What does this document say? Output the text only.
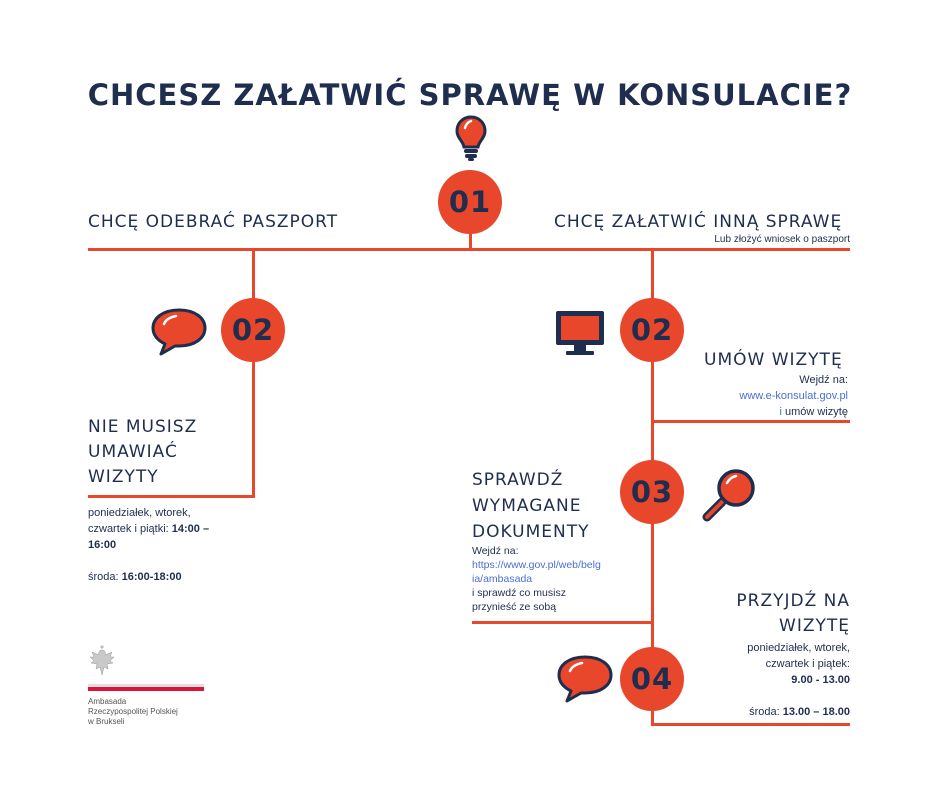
CHCESZ ZAŁATWIĆ SPRAWĘ W KONSULACIE?
01
02	02
03
04
CHCĘ ODEBRAĆ PASZPORT	CHCĘ ZAŁATWIĆ INNĄ SPRAWĘ
Lub złożyć wniosek o paszport
NIE MUSISZ
UMAWIAĆ
WIZYTY
poniedziałek, wtorek,
czwartek i piątki: 14:00 –
16:00
środa: 16:00-18:00
UMÓW WIZYTĘ
Wejdź na:
www.e-konsulat.gov.pl
i umów wizytę
SPRAWDŹ
WYMAGANE
DOKUMENTY
Wejdź na:
https://www.gov.pl/web/belg
ia/ambasada
i sprawdź co musisz
przynieść ze sobą	PRZYJDŹ NA
WIZYTĘ
poniedziałek, wtorek,
czwartek i piątek:
9.00 - 13.00
środa: 13.00 – 18.00
Ambasada
Rzeczypospolitej Polskiej
w Brukseli
